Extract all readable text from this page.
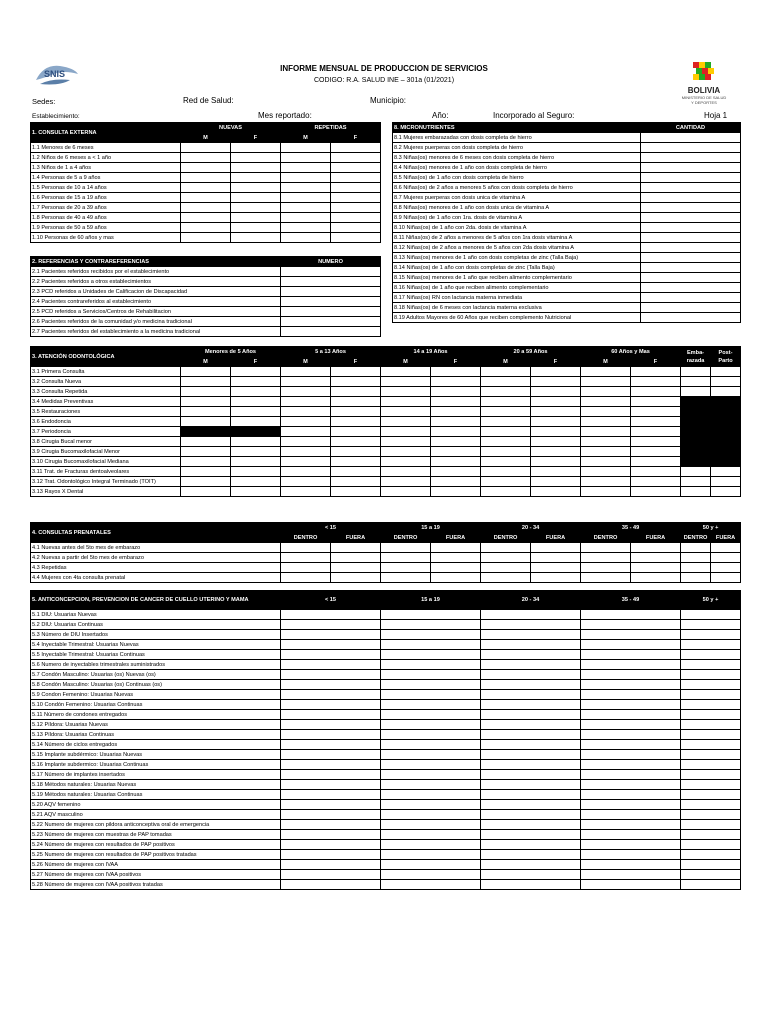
SNIS
BOLIVIA
MINISTERIO DE SALUD Y DEPORTES
INFORME MENSUAL DE PRODUCCION DE SERVICIOS
CODIGO: R.A. SALUD INE – 301a (01/2021)
Sedes:	Red de Salud:	Municipio:
Establecimiento:	Mes reportado:	Año:	Incorporado al Seguro:	Hoja 1
1. CONSULTA EXTERNA	NUEVAS		REPETIDAS	
	M	F	M	F
1.1 Menores de 6 meses				
1.2 Niños de 6 meses a < 1 año				
1.3 Niños de 1 a 4 años				
1.4 Personas de 5 a 9 años				
1.5 Personas de 10 a 14 años				
1.6 Personas de 15 a 19 años				
1.7 Personas de 20 a 39 años				
1.8 Personas de 40 a 49 años				
1.9 Personas de 50 a 59 años				
1.10 Personas de 60 años y mas				
2. REFERENCIAS Y CONTRAREFERENCIAS	NUMERO
2.1 Pacientes referidos recibidos por el establecimiento	
2.2 Pacientes referidos a otros establecimientos	
2.3 PCD referidos a Unidades de Calificacion de Discapacidad	
2.4 Pacientes contrareferidos al establecimiento	
2.5 PCD referidos a Servicios/Centros de Rehabilitacion	
2.6 Pacientes referidos de la comunidad y/o medicina tradicional	
2.7 Pacientes referidos del establecimiento a la medicina tradicional	
8. MICRONUTRIENTES	CANTIDAD
8.1 Mujeres embarazadas con dosis completa de hierro	
8.2 Mujeres puerperas con dosis completa de hierro	
8.3 Niñas(os) menores de 6 meses con dosis completa de hierro	
8.4 Niñas(os) menores de 1 año con dosis completa de hierro	
8.5 Niñas(os) de 1 año con dosis completa de hierro	
8.6 Niñas(os) de 2 años a menores 5 años con dosis completa de hierro	
8.7 Mujeres puerperas con dosis unica de vitamina A	
8.8 Niñas(os) menores de 1 año con dosis unica de vitamina A	
8.9 Niñas(os) de 1 año con 1ra. dosis de vitamina A	
8.10 Niñas(os) de 1 año con 2da. dosis de vitamina A	
8.11 Niñas(os) de 2 años a menores de 5 años con 1ra dosis vitamina A	
8.12 Niñas(os) de 2 años a menores de 5 años con 2da dosis vitamina A	
8.13 Niñas(os) menores de 1 año con dosis completas de zinc (Talla Baja)	
8.14 Niñas(os) de 1 año con dosis completas de zinc (Talla Baja)	
8.15 Niñas(os) menores de 1 año que reciben alimento complementario	
8.16 Niñas(os) de 1 año que reciben alimento complementario	
8.17 Niñas(os) RN con lactancia materna inmediata	
8.18 Niñas(os) de 6 meses con lactancia materna exclusiva	
8.19 Adultos Mayores de 60 Años que reciben complemento Nutricional	
3. ATENCIÓN ODONTOLÓGICA	Menores de 5 Años		5 a 13 Años		14 a 19 Años		20 a 59 Años		60 Años y Mas		Emba- razada	Post- Parto
	M	F	M	F	M	F	M	F	M	F		
3.1 Primera Consulta												
3.2 Consulta Nueva												
3.3 Consulta Repetida												
3.4 Medidas Preventivas												
3.5 Restauraciones												
3.6 Endodoncia												
3.7 Periodoncia												
3.8 Cirugia Bucal menor												
3.9 Cirugia Bucomaxilofacial Menor												
3.10 Cirugia Bucomaxilofacial Mediana												
3.11 Trat. de Fracturas dentoalveolares												
3.12 Trat. Odontológico Integral Terminado (TOIT)												
3.13 Rayos X Dental												
4. CONSULTAS PRENATALES	< 15		15 a 19		20 - 34		35 - 49		50 y +	
	DENTRO	FUERA	DENTRO	FUERA	DENTRO	FUERA	DENTRO	FUERA	DENTRO	FUERA
4.1 Nuevas antes del 5to mes de embarazo										
4.2 Nuevas a partir del 5to mes de embarazo										
4.3 Repetidas										
4.4 Mujeres con 4ta consulta prenatal										
5. ANTICONCEPCION, PREVENCION DE CANCER DE CUELLO UTERINO Y MAMA	< 15	15 a 19	20 - 34	35 - 49	50 y +
5.1 DIU: Usuarias Nuevas					
5.2 DIU: Usuarias Continuas					
5.3 Número de DIU Insertados					
5.4 Inyectable Trimestral: Usuarias Nuevas					
5.5 Inyectable Trimestral: Usuarias Continuas					
5.6 Numero de inyectables trimestrales suministrados					
5.7 Condón Masculino: Usuarias (os) Nuevas (os)					
5.8 Condón Masculino: Usuarias (os) Continuas (os)					
5.9 Condon Femenino: Usuarias Nuevas					
5.10 Condón Femenino: Usuarias Continuas					
5.11 Número de condones entregados					
5.12 Píldora: Usuarias Nuevas					
5.13 Píldora: Usuarias Continuas					
5.14 Número de ciclos entregados					
5.15 Implante subdérmico: Usuarias Nuevas					
5.16 Implante subdermico: Usuarias Continuas					
5.17 Número de implantes insertados					
5.18 Métodos naturales: Usuarias Nuevas					
5.19 Métodos naturales: Usuarias Continuas					
5.20 AQV femenino					
5.21 AQV masculino					
5.22 Numero de mujeres con pildora anticonceptiva oral de emergencia					
5.23 Número de mujeres con muestras de PAP tomadas					
5.24 Número de mujeres con resultados de PAP positivos					
5.25 Numero de mujeres con resultados de PAP positivos tratadas					
5.26 Número de mujeres con IVAA					
5.27 Número de mujeres con IVAA positivos					
5.28 Número de mujeres con IVAA positivos tratadas					
